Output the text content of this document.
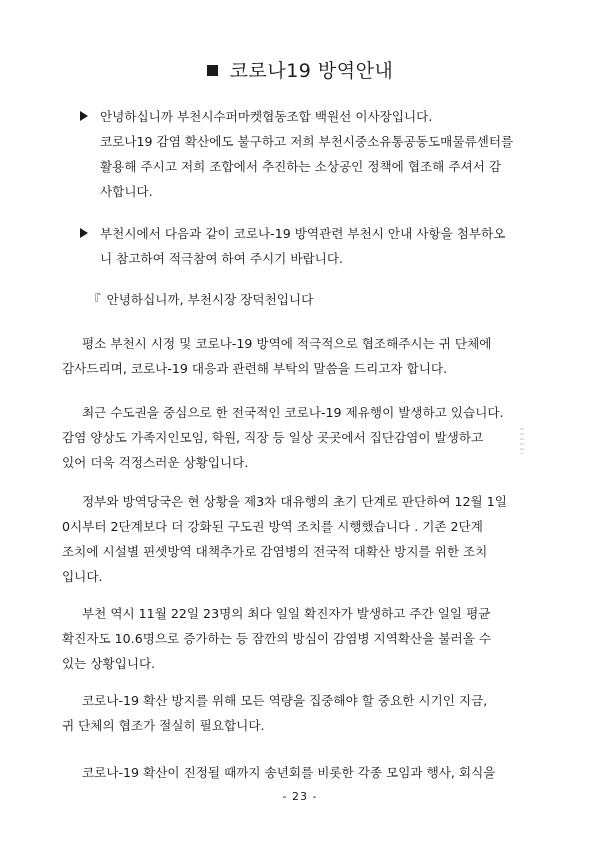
코로나19 방역안내
안녕하십니까 부천시수퍼마켓협동조합 백원선 이사장입니다.
코로나19 감염 확산에도 불구하고 저희 부천시중소유통공동도매물류센터를
활용해 주시고 저희 조합에서 추진하는 소상공인 정책에 협조해 주셔서 감
사합니다.
부천시에서 다음과 같이 코로나-19 방역관련 부천시 안내 사항을 첨부하오
니 참고하여 적극참여 하여 주시기 바랍니다.
『 안녕하십니까, 부천시장 장덕천입니다
평소 부천시 시정 및 코로나-19 방역에 적극적으로 협조해주시는 귀 단체에
감사드리며, 코로나-19 대응과 관련해 부탁의 말씀을 드리고자 합니다.
최근 수도권을 중심으로 한 전국적인 코로나-19 제유행이 발생하고 있습니다.
감염 양상도 가족지인모임, 학원, 직장 등 일상 곳곳에서 집단감염이 발생하고
있어 더욱 걱정스러운 상황입니다.
정부와 방역당국은 현 상황을 제3차 대유행의 초기 단계로 판단하여 12월 1일
0시부터 2단계보다 더 강화된 구도권 방역 조치를 시행했습니다 . 기존 2단계
조치에 시설별 핀셋방역 대책추가로 감염병의 전국적 대확산 방지를 위한 조치
입니다.
부천 역시 11월 22일 23명의 최다 일일 확진자가 발생하고 주간 일일 평균
확진자도 10.6명으로 증가하는 등 잠깐의 방심이 감염병 지역확산을 불러올 수
있는 상황입니다.
코로나-19 확산 방지를 위해 모든 역량을 집중해야 할 중요한 시기인 지금,
귀 단체의 협조가 절실히 필요합니다.
코로나-19 확산이 진정될 때까지 송년회를 비롯한 각종 모임과 행사, 회식을
- 23 -
